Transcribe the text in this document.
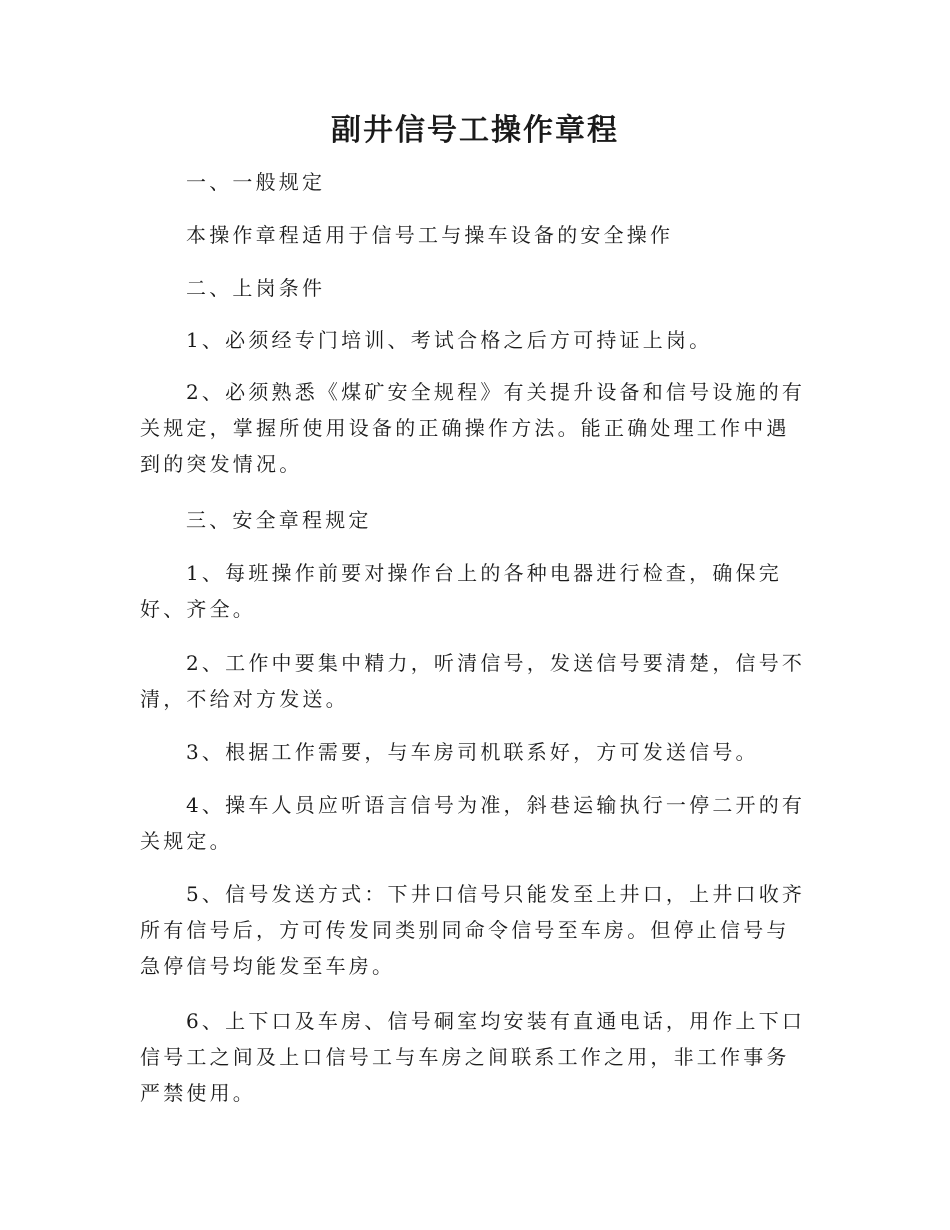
副井信号工操作章程

一、一般规定

本操作章程适用于信号工与操车设备的安全操作

二、上岗条件

1、必须经专门培训、考试合格之后方可持证上岗。

2、必须熟悉《煤矿安全规程》有关提升设备和信号设施的有关规定，掌握所使用设备的正确操作方法。能正确处理工作中遇到的突发情况。

三、安全章程规定

1、每班操作前要对操作台上的各种电器进行检查，确保完好、齐全。

2、工作中要集中精力，听清信号，发送信号要清楚，信号不清，不给对方发送。

3、根据工作需要，与车房司机联系好，方可发送信号。

4、操车人员应听语言信号为准，斜巷运输执行一停二开的有关规定。

5、信号发送方式：下井口信号只能发至上井口，上井口收齐所有信号后，方可传发同类别同命令信号至车房。但停止信号与急停信号均能发至车房。

6、上下口及车房、信号硐室均安装有直通电话，用作上下口信号工之间及上口信号工与车房之间联系工作之用，非工作事务严禁使用。
